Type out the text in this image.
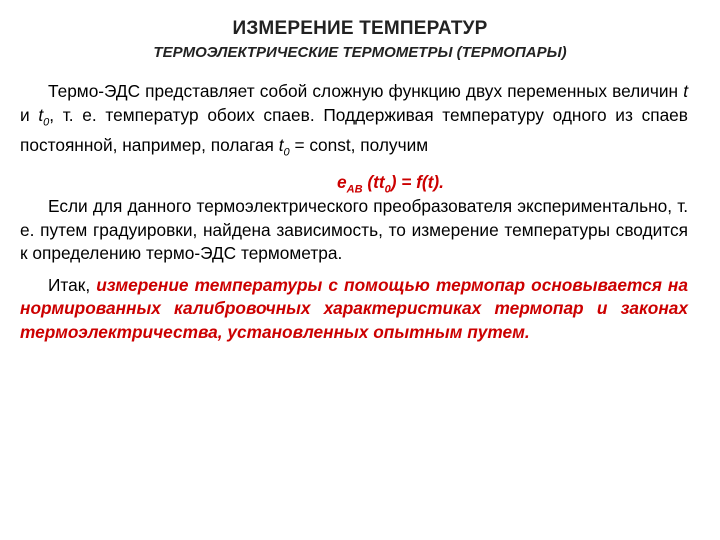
ИЗМЕРЕНИЕ ТЕМПЕРАТУР
ТЕРМОЭЛЕКТРИЧЕСКИЕ ТЕРМОМЕТРЫ (ТЕРМОПАРЫ)

Термо-ЭДС представляет собой сложную функцию двух переменных величин t и $t_0$, т. е. температур обоих спаев. Поддерживая температуру одного из спаев постоянной, например, полагая $t_0$ = const, получим

$e_{AB}$ $(tt_0) = f(t)$.

Если для данного термоэлектрического преобразователя экспериментально, т. е. путем градуировки, найдена зависимость, то измерение температуры сводится к определению термо-ЭДС термометра.

Итак, измерение температуры с помощью термопар основывается на нормированных калибровочных характеристиках термопар и законах термоэлектричества, установленных опытным путем.
